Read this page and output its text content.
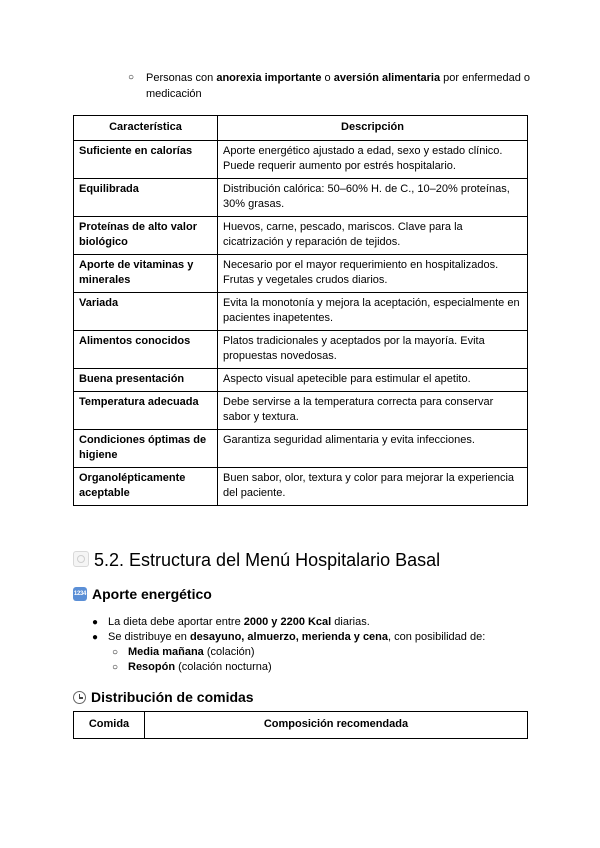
○ Personas con anorexia importante o aversión alimentaria por enfermedad o medicación
Característica	Descripción
Suficiente en calorías	Aporte energético ajustado a edad, sexo y estado clínico. Puede requerir aumento por estrés hospitalario.
Equilibrada	Distribución calórica: 50–60% H. de C., 10–20% proteínas, 30% grasas.
Proteínas de alto valor biológico	Huevos, carne, pescado, mariscos. Clave para la cicatrización y reparación de tejidos.
Aporte de vitaminas y minerales	Necesario por el mayor requerimiento en hospitalizados. Frutas y vegetales crudos diarios.
Variada	Evita la monotonía y mejora la aceptación, especialmente en pacientes inapetentes.
Alimentos conocidos	Platos tradicionales y aceptados por la mayoría. Evita propuestas novedosas.
Buena presentación	Aspecto visual apetecible para estimular el apetito.
Temperatura adecuada	Debe servirse a la temperatura correcta para conservar sabor y textura.
Condiciones óptimas de higiene	Garantiza seguridad alimentaria y evita infecciones.
Organolépticamente aceptable	Buen sabor, olor, textura y color para mejorar la experiencia del paciente.
5.2. Estructura del Menú Hospitalario Basal
1234 Aporte energético
● La dieta debe aportar entre 2000 y 2200 Kcal diarias.
● Se distribuye en desayuno, almuerzo, merienda y cena, con posibilidad de:
○ Media mañana (colación)
○ Resopón (colación nocturna)
Distribución de comidas
Comida	Composición recomendada
